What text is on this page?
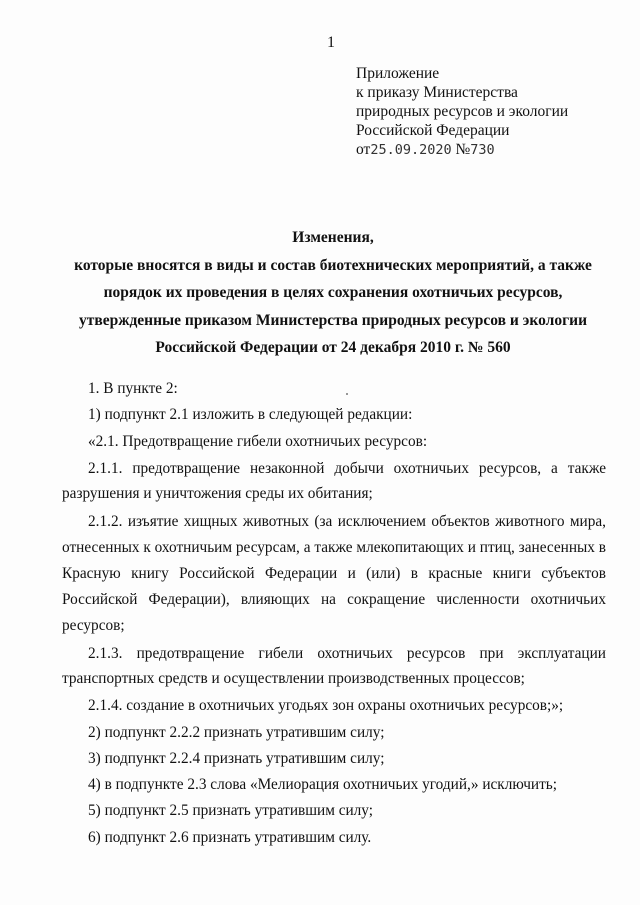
1
Приложение
к приказу Министерства
природных ресурсов и экологии
Российской Федерации
от25.09.2020 №730
Изменения,
которые вносятся в виды и состав биотехнических мероприятий, а также
порядок их проведения в целях сохранения охотничьих ресурсов,
утвержденные приказом Министерства природных ресурсов и экологии
Российской Федерации от 24 декабря 2010 г. № 560
1. В пункте 2:
1) подпункт 2.1 изложить в следующей редакции:
«2.1. Предотвращение гибели охотничьих ресурсов:
2.1.1. предотвращение незаконной добычи охотничьих ресурсов, а также
разрушения и уничтожения среды их обитания;
2.1.2. изъятие хищных животных (за исключением объектов животного мира,
отнесенных к охотничьим ресурсам, а также млекопитающих и птиц, занесенных в
Красную книгу Российской Федерации и (или) в красные книги субъектов
Российской Федерации), влияющих на сокращение численности охотничьих
ресурсов;
2.1.3. предотвращение гибели охотничьих ресурсов при эксплуатации
транспортных средств и осуществлении производственных процессов;
2.1.4. создание в охотничьих угодьях зон охраны охотничьих ресурсов;»;
2) подпункт 2.2.2 признать утратившим силу;
3) подпункт 2.2.4 признать утратившим силу;
4) в подпункте 2.3 слова «Мелиорация охотничьих угодий,» исключить;
5) подпункт 2.5 признать утратившим силу;
6) подпункт 2.6 признать утратившим силу.
